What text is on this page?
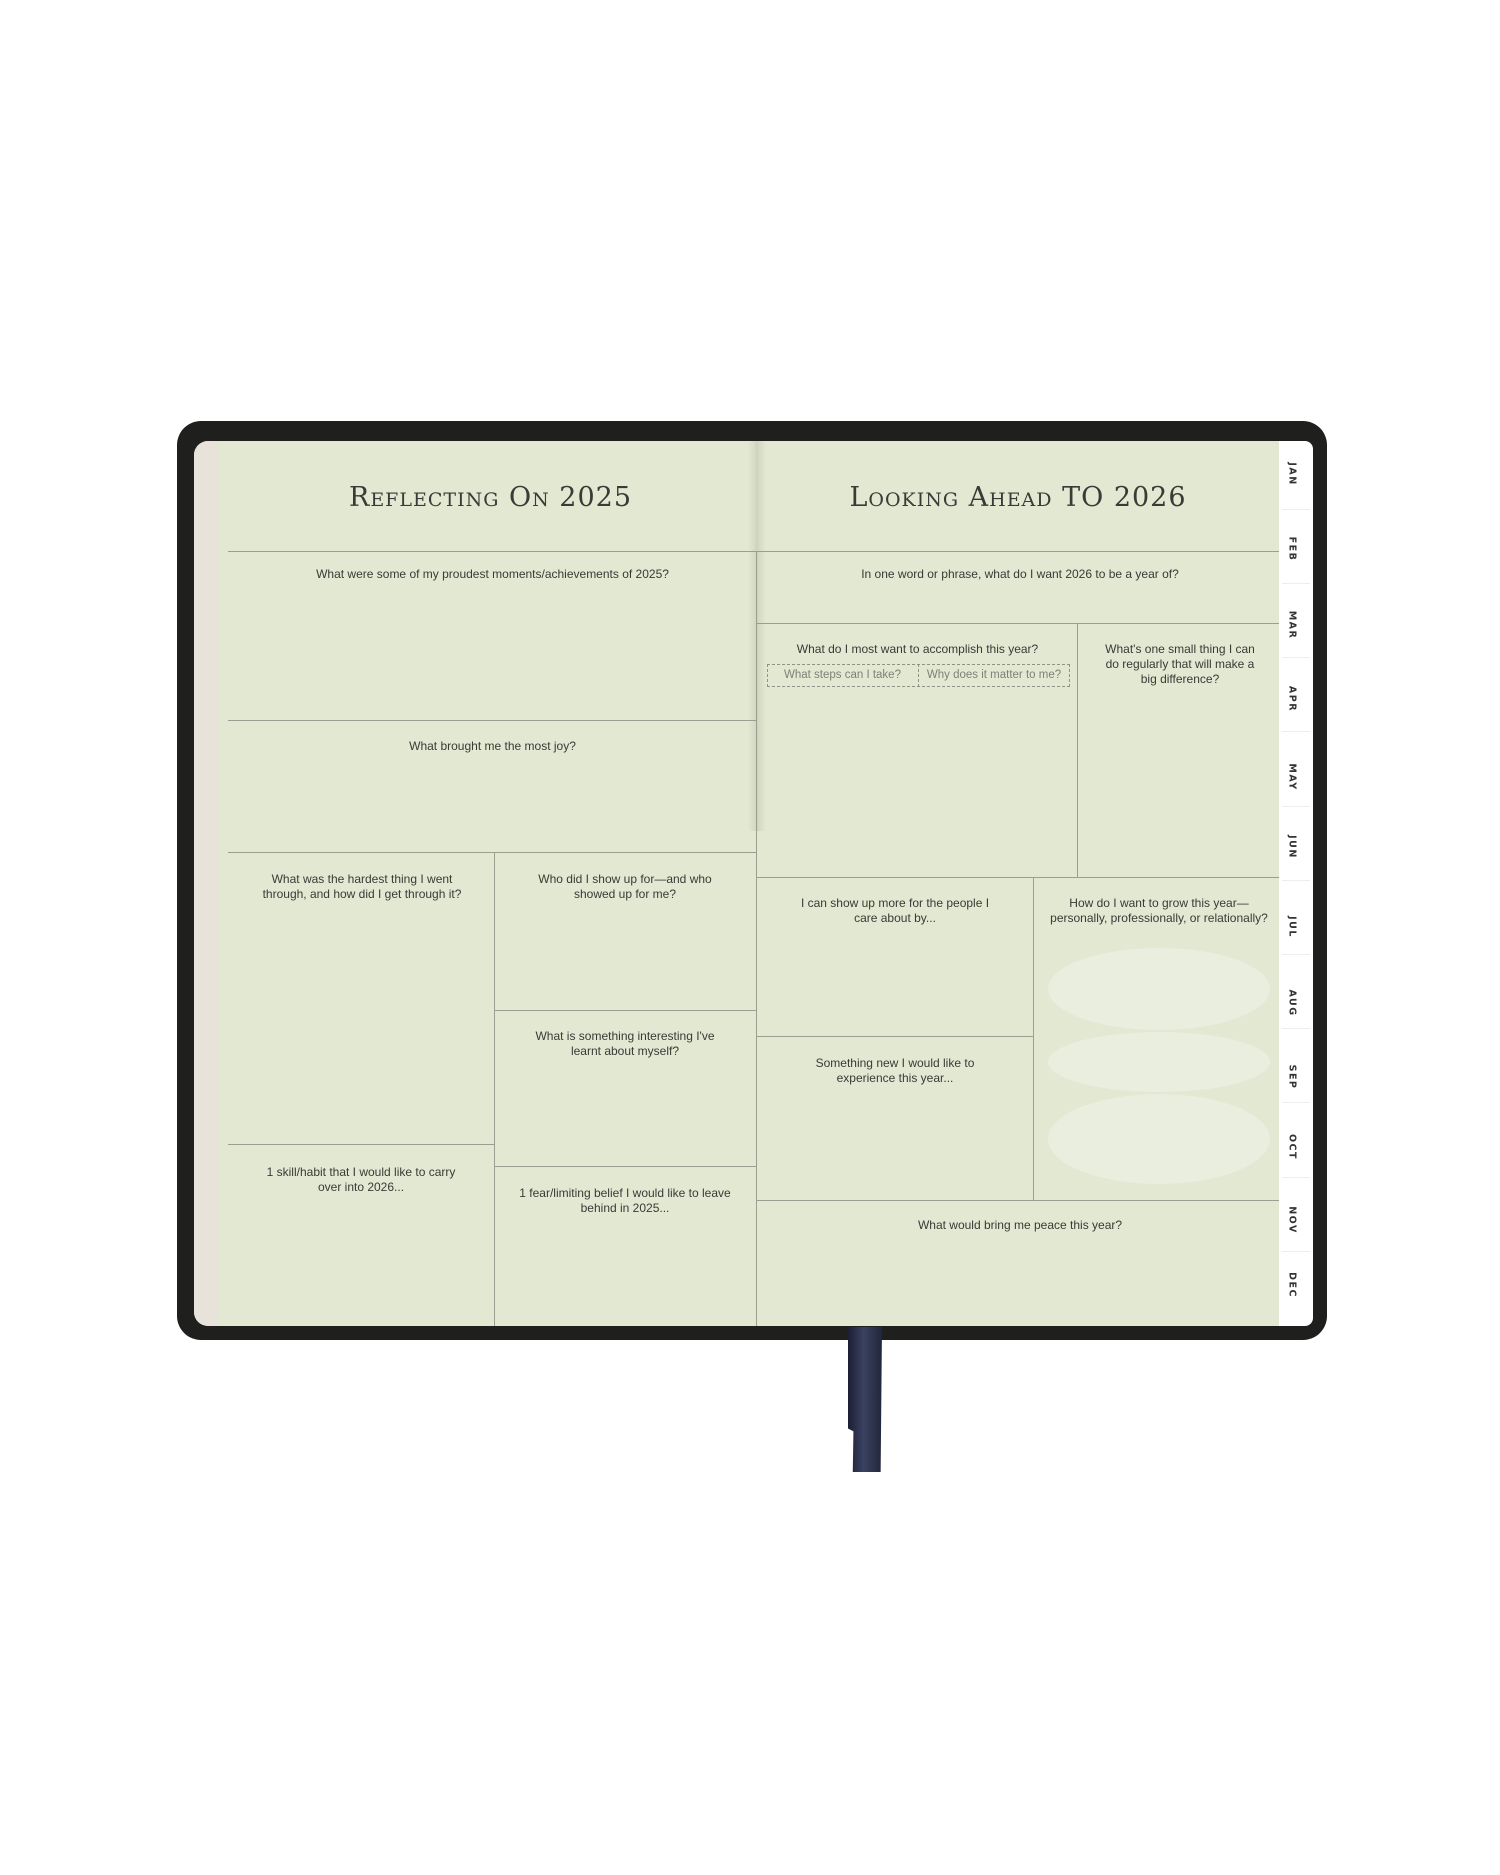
Reflecting On 2025	Looking Ahead TO 2026
What were some of my proudest moments/achievements of 2025?
What brought me the most joy?
What was the hardest thing I went through, and how did I get through it?
Who did I show up for—and who showed up for me?
What is something interesting I've learnt about myself?
1 skill/habit that I would like to carry over into 2026...	1 fear/limiting belief I would like to leave behind in 2025...
In one word or phrase, what do I want 2026 to be a year of?
What do I most want to accomplish this year?
What steps can I take?	Why does it matter to me?
What's one small thing I can do regularly that will make a big difference?
I can show up more for the people I care about by...
How do I want to grow this year—personally, professionally, or relationally?
Something new I would like to experience this year...
What would bring me peace this year?
JAN
FEB
MAR
APR
MAY
JUN
JUL
AUG
SEP
OCT
NOV
DEC
